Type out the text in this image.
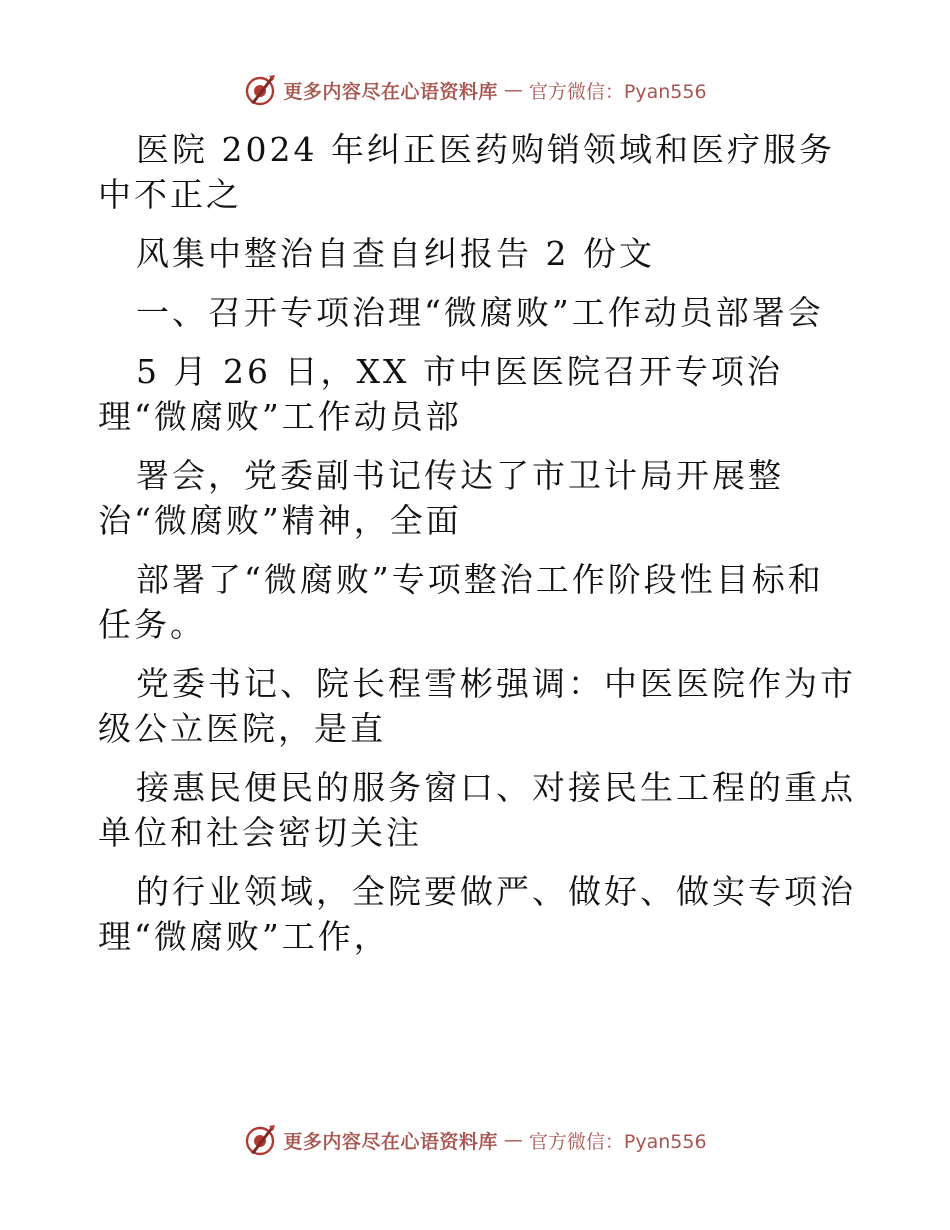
更多内容尽在心语资料库 — 官方微信：Pyan556

医院 2024 年纠正医药购销领域和医疗服务中不正之

风集中整治自查自纠报告 2 份文

一、召开专项治理“微腐败”工作动员部署会

5 月 26 日，XX 市中医医院召开专项治理“微腐败”工作动员部

署会，党委副书记传达了市卫计局开展整治“微腐败”精神，全面

部署了“微腐败”专项整治工作阶段性目标和任务。

党委书记、院长程雪彬强调：中医医院作为市级公立医院，是直

接惠民便民的服务窗口、对接民生工程的重点单位和社会密切关注

的行业领域，全院要做严、做好、做实专项治理“微腐败”工作，

更多内容尽在心语资料库 — 官方微信：Pyan556
